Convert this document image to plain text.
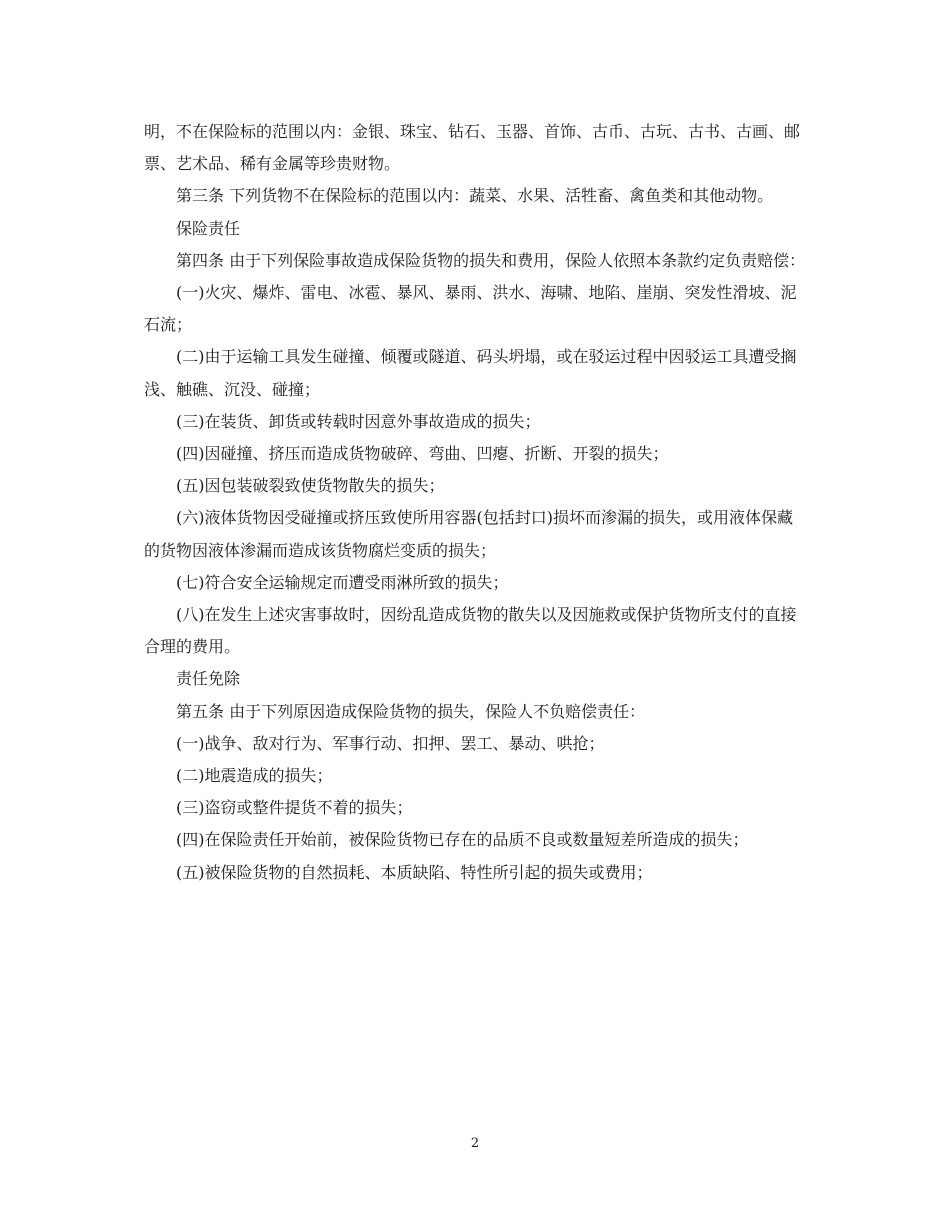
明，不在保险标的范围以内：金银、珠宝、钻石、玉器、首饰、古币、古玩、古书、古画、邮票、艺术品、稀有金属等珍贵财物。

第三条 下列货物不在保险标的范围以内：蔬菜、水果、活牲畜、禽鱼类和其他动物。

保险责任

第四条 由于下列保险事故造成保险货物的损失和费用，保险人依照本条款约定负责赔偿：

(一)火灾、爆炸、雷电、冰雹、暴风、暴雨、洪水、海啸、地陷、崖崩、突发性滑坡、泥石流；

(二)由于运输工具发生碰撞、倾覆或隧道、码头坍塌，或在驳运过程中因驳运工具遭受搁浅、触礁、沉没、碰撞；

(三)在装货、卸货或转载时因意外事故造成的损失；

(四)因碰撞、挤压而造成货物破碎、弯曲、凹瘪、折断、开裂的损失；

(五)因包装破裂致使货物散失的损失；

(六)液体货物因受碰撞或挤压致使所用容器(包括封口)损坏而渗漏的损失，或用液体保藏的货物因液体渗漏而造成该货物腐烂变质的损失；

(七)符合安全运输规定而遭受雨淋所致的损失；

(八)在发生上述灾害事故时，因纷乱造成货物的散失以及因施救或保护货物所支付的直接合理的费用。

责任免除

第五条 由于下列原因造成保险货物的损失，保险人不负赔偿责任：

(一)战争、敌对行为、军事行动、扣押、罢工、暴动、哄抢；

(二)地震造成的损失；

(三)盗窃或整件提货不着的损失；

(四)在保险责任开始前，被保险货物已存在的品质不良或数量短差所造成的损失；

(五)被保险货物的自然损耗、本质缺陷、特性所引起的损失或费用；

2
